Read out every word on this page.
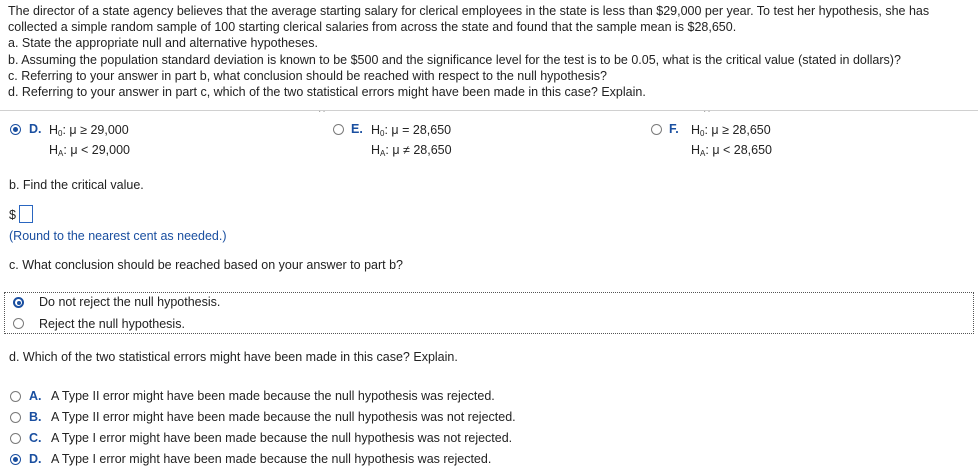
The director of a state agency believes that the average starting salary for clerical employees in the state is less than $29,000 per year. To test her hypothesis, she has collected a simple random sample of 100 starting clerical salaries from across the state and found that the sample mean is $28,650.

a. State the appropriate null and alternative hypotheses.

b. Assuming the population standard deviation is known to be $500 and the significance level for the test is to be 0.05, what is the critical value (stated in dollars)?

c. Referring to your answer in part b, what conclusion should be reached with respect to the null hypothesis?

d. Referring to your answer in part c, which of the two statistical errors might have been made in this case? Explain.

··	··
D. $H_0$: μ ≥ 29,000
$H_A$: μ < 29,000
E. $H_0$: μ = 28,650
$H_A$: μ ≠ 28,650
F. $H_0$: μ ≥ 28,650
$H_A$: μ < 28,650
b. Find the critical value.
$
(Round to the nearest cent as needed.)
c. What conclusion should be reached based on your answer to part b?
Do not reject the null hypothesis.
Reject the null hypothesis.
d. Which of the two statistical errors might have been made in this case? Explain.
A. A Type II error might have been made because the null hypothesis was rejected.
B. A Type II error might have been made because the null hypothesis was not rejected.
C. A Type I error might have been made because the null hypothesis was not rejected.
D. A Type I error might have been made because the null hypothesis was rejected.
